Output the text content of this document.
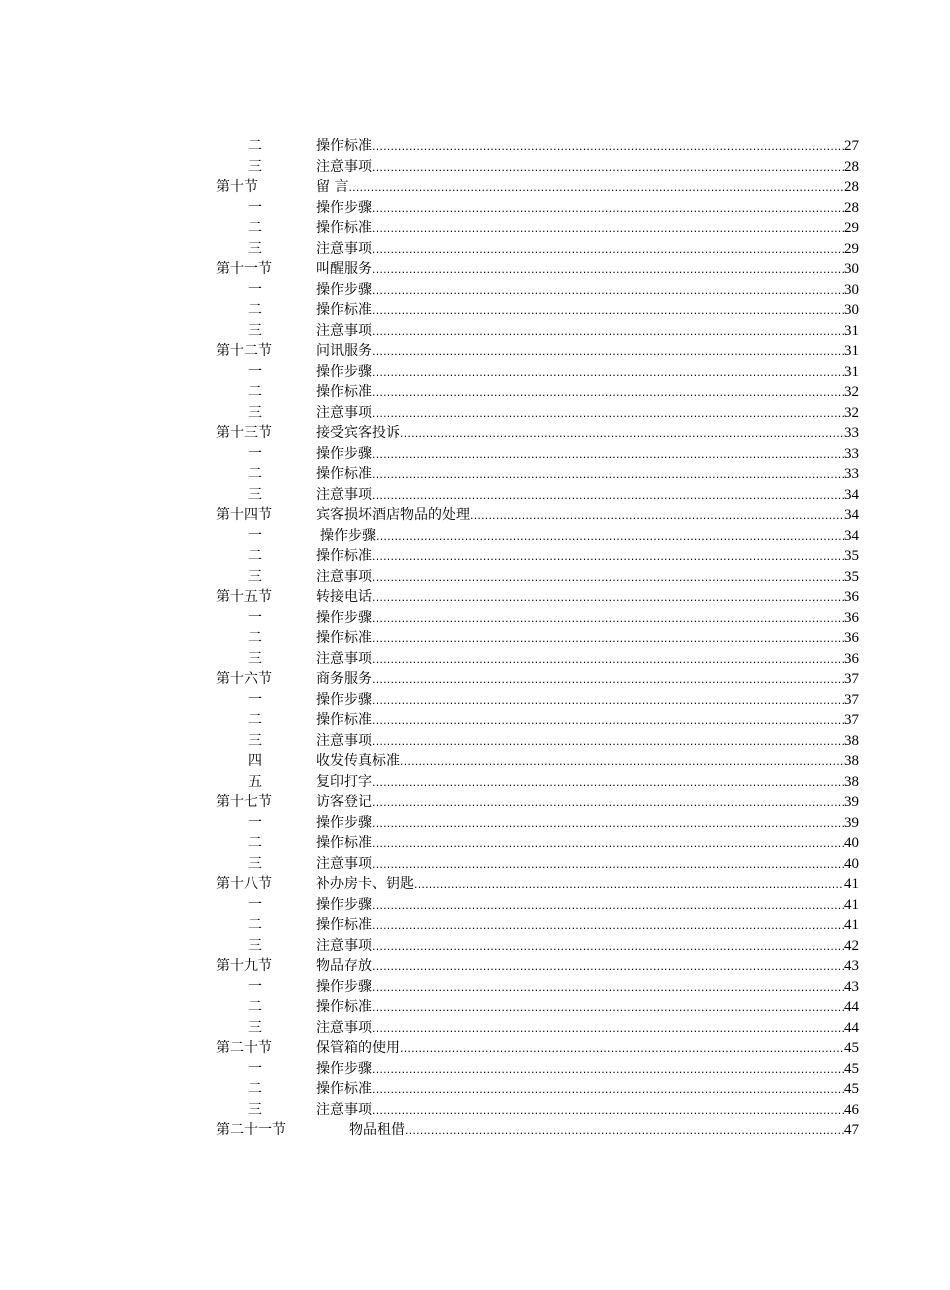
二	操作标准 .....	27
三	注意事项 .....	28
第十节	留 言 .....	28
一	操作步骤 .....	28
二	操作标准 .....	29
三	注意事项 .....	29
第十一节	叫醒服务 .....	30
一	操作步骤 .....	30
二	操作标准 .....	30
三	注意事项 .....	31
第十二节	问讯服务 .....	31
一	操作步骤 .....	31
二	操作标准 .....	32
三	注意事项 .....	32
第十三节	接受宾客投诉 .....	33
一	操作步骤 .....	33
二	操作标准 .....	33
三	注意事项 .....	34
第十四节	宾客损坏酒店物品的处理 .....	34
一	操作步骤 .....	34
二	操作标准 .....	35
三	注意事项 .....	35
第十五节	转接电话 .....	36
一	操作步骤 .....	36
二	操作标准 .....	36
三	注意事项 .....	36
第十六节	商务服务 .....	37
一	操作步骤 .....	37
二	操作标准 .....	37
三	注意事项 .....	38
四	收发传真标准 .....	38
五	复印打字 .....	38
第十七节	访客登记 .....	39
一	操作步骤 .....	39
二	操作标准 .....	40
三	注意事项 .....	40
第十八节	补办房卡、钥匙 .....	41
一	操作步骤 .....	41
二	操作标准 .....	41
三	注意事项 .....	42
第十九节	物品存放 .....	43
一	操作步骤 .....	43
二	操作标准 .....	44
三	注意事项 .....	44
第二十节	保管箱的使用 .....	45
一	操作步骤 .....	45
二	操作标准 .....	45
三	注意事项 .....	46
第二十一节	物品租借 .....	47
